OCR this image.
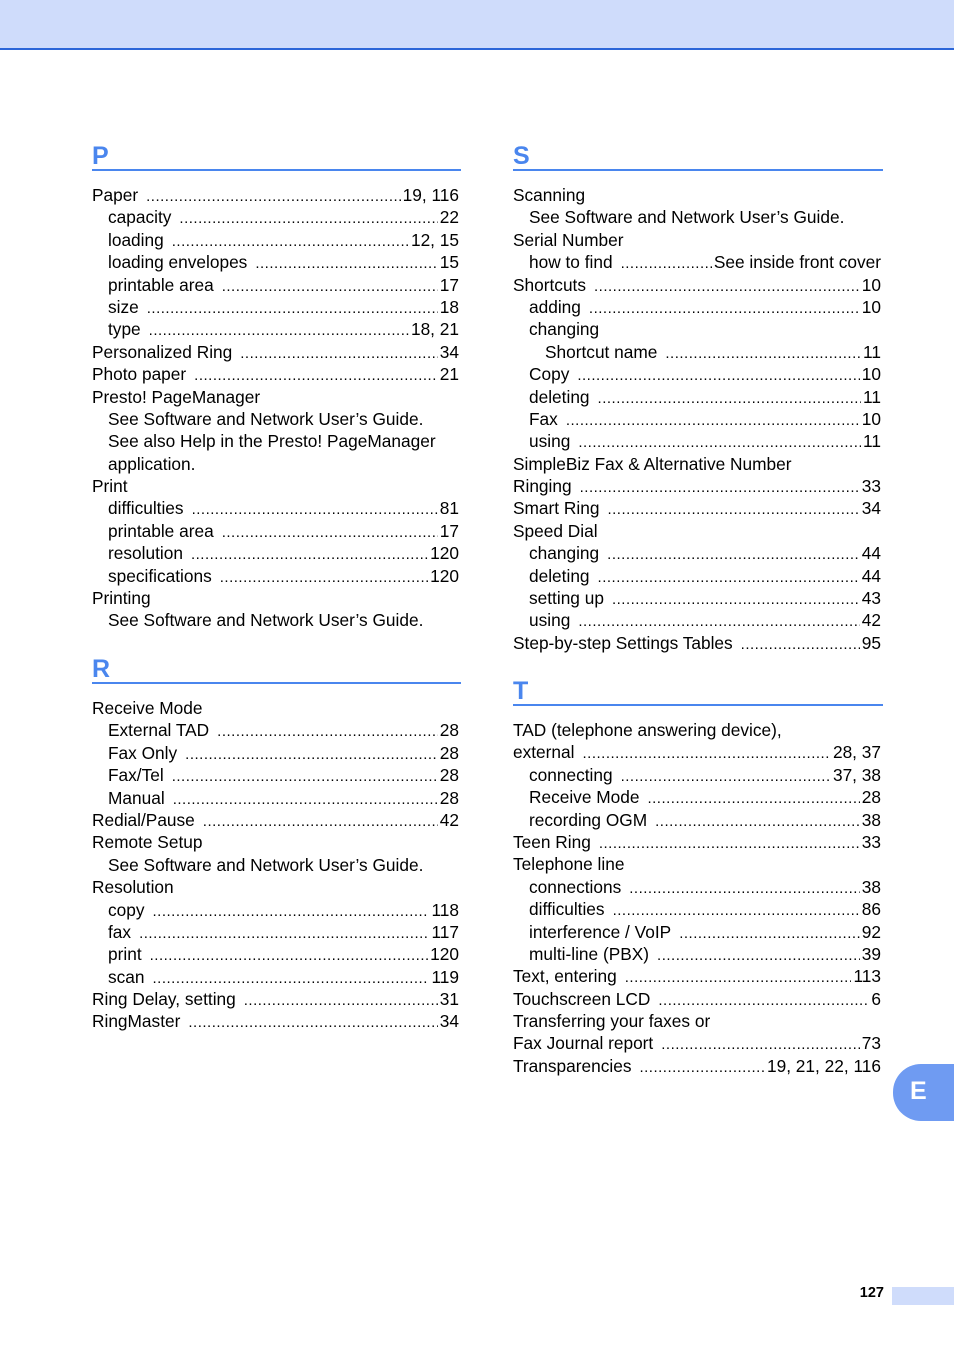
P
Paper .....	19, 116
capacity .....	22
loading .....	12, 15
loading envelopes .....	15
printable area .....	17
size .....	18
type .....	18, 21
Personalized Ring .....	34
Photo paper .....	21
Presto! PageManager
See Software and Network User’s Guide.
See also Help in the Presto! PageManager
application.
Print
difficulties .....	81
printable area .....	17
resolution .....	120
specifications .....	120
Printing
See Software and Network User’s Guide.
R
Receive Mode
External TAD .....	28
Fax Only .....	28
Fax/Tel .....	28
Manual .....	28
Redial/Pause .....	42
Remote Setup
See Software and Network User’s Guide.
Resolution
copy .....	118
fax .....	117
print .....	120
scan .....	119
Ring Delay, setting .....	31
RingMaster .....	34
S
Scanning
See Software and Network User’s Guide.
Serial Number
how to find .....	See inside front cover
Shortcuts .....	10
adding .....	10
changing
Shortcut name .....	11
Copy .....	10
deleting .....	11
Fax .....	10
using .....	11
SimpleBiz Fax & Alternative Number
Ringing .....	33
Smart Ring .....	34
Speed Dial
changing .....	44
deleting .....	44
setting up .....	43
using .....	42
Step-by-step Settings Tables .....	95
T
TAD (telephone answering device),
external .....	28, 37
connecting .....	37, 38
Receive Mode .....	28
recording OGM .....	38
Teen Ring .....	33
Telephone line
connections .....	38
difficulties .....	86
interference / VoIP .....	92
multi-line (PBX) .....	39
Text, entering .....	113
Touchscreen LCD .....	6
Transferring your faxes or
Fax Journal report .....	73
Transparencies .....	19, 21, 22, 116
E
127
